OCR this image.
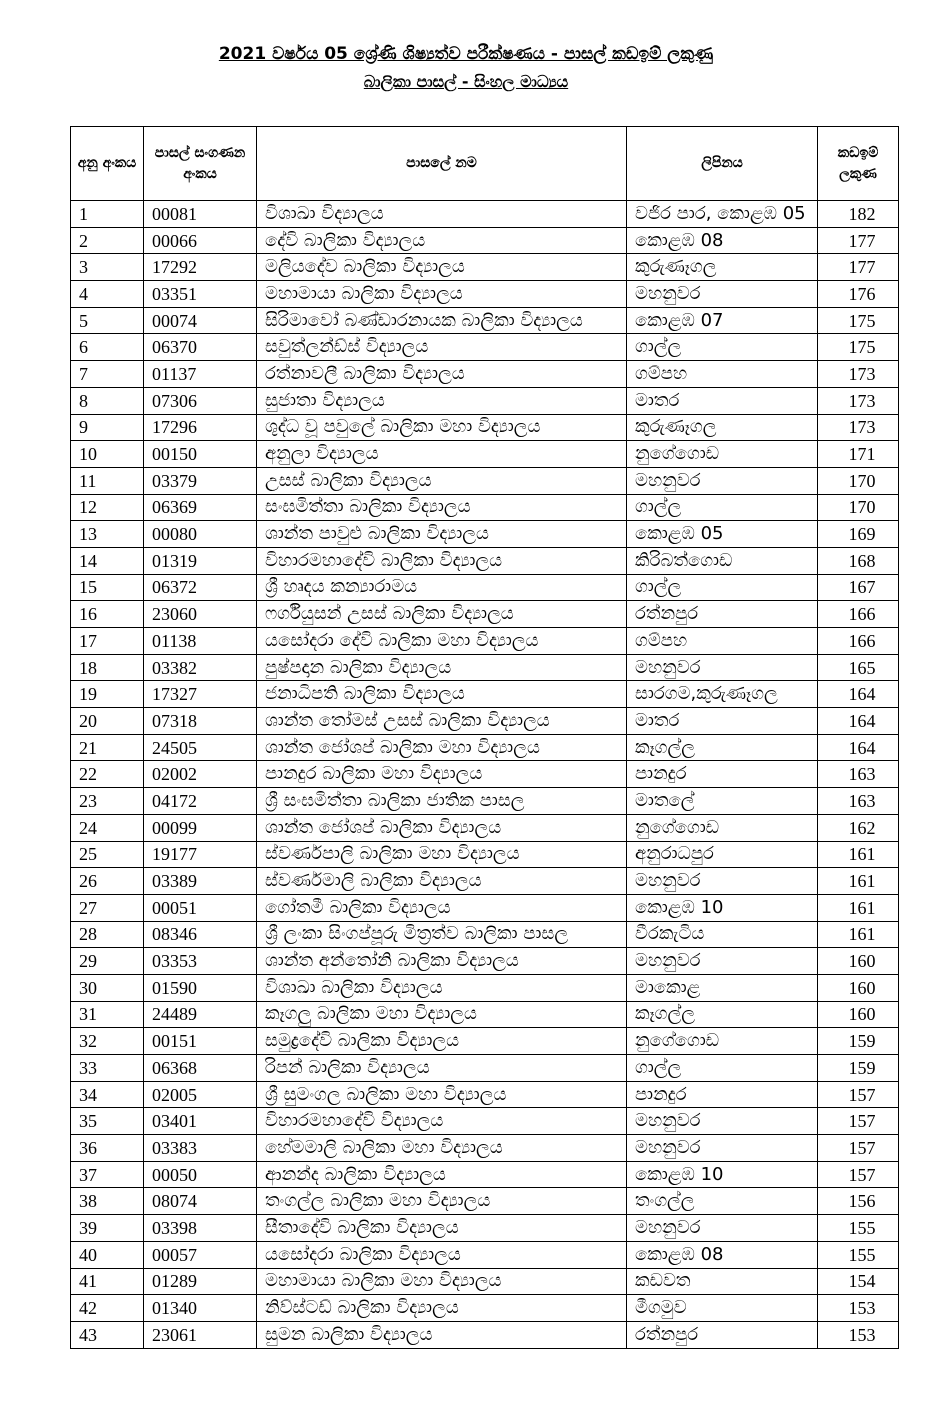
2021 වර්ෂය 05 ශ්‍රේණි ශිෂ්‍යත්ව පරීක්ෂණය - පාසල් කඩඉම් ලකුණු
බාලිකා පාසල් - සිංහල මාධ්‍යය
අනු අංකය	පාසල් සංගණන අංකය	පාසලේ නම	ලිපිනය	කඩඉම් ලකුණ
1	00081	විශාඛා විද්‍යාලය	වජිර පාර, කොළඹ 05	182
2	00066	දේවි බාලිකා විද්‍යාලය	කොළඹ 08	177
3	17292	මලියදේව බාලිකා විද්‍යාලය	කුරුණෑගල	177
4	03351	මහාමායා බාලිකා විද්‍යාලය	මහනුවර	176
5	00074	සිරිමාවෝ බණ්ඩාරනායක බාලිකා විද්‍යාලය	කොළඹ 07	175
6	06370	සවුත්ලන්ඩ්ස් විද්‍යාලය	ගාල්ල	175
7	01137	රත්නාවලී බාලිකා විද්‍යාලය	ගම්පහ	173
8	07306	සුජාතා විද්‍යාලය	මාතර	173
9	17296	ශුද්ධ වූ පවුලේ බාලිකා මහා විද්‍යාලය	කුරුණෑගල	173
10	00150	අනුලා විද්‍යාලය	නුගේගොඩ	171
11	03379	උසස් බාලිකා විද්‍යාලය	මහනුවර	170
12	06369	සංඝමිත්තා බාලිකා විද්‍යාලය	ගාල්ල	170
13	00080	ශාන්ත පාවුළු බාලිකා විද්‍යාලය	කොළඹ 05	169
14	01319	විහාරමහාදේවි බාලිකා විද්‍යාලය	කිරිබත්ගොඩ	168
15	06372	ශ්‍රී හෘදය කන්‍යාරාමය	ගාල්ල	167
16	23060	ෆර්ගියුසන් උසස් බාලිකා විද්‍යාලය	රත්නපුර	166
17	01138	යසෝදරා දේවි බාලිකා මහා විද්‍යාලය	ගම්පහ	166
18	03382	පුෂ්පදාන බාලිකා විද්‍යාලය	මහනුවර	165
19	17327	ජනාධිපති බාලිකා විද්‍යාලය	සාරගම,කුරුණෑගල	164
20	07318	ශාන්ත තෝමස් උසස් බාලිකා විද්‍යාලය	මාතර	164
21	24505	ශාන්ත ජෝශප් බාලිකා මහා විද්‍යාලය	කෑගල්ල	164
22	02002	පානදුර බාලිකා මහා විද්‍යාලය	පානදුර	163
23	04172	ශ්‍රී සංඝමිත්තා බාලිකා ජාතික පාසල	මාතලේ	163
24	00099	ශාන්ත ජෝශප් බාලිකා විද්‍යාලය	නුගේගොඩ	162
25	19177	ස්වර්ණපාලි බාලිකා මහා විද්‍යාලය	අනුරාධපුර	161
26	03389	ස්වර්ණමාලි බාලිකා විද්‍යාලය	මහනුවර	161
27	00051	ගෝතමී බාලිකා විද්‍යාලය	කොළඹ 10	161
28	08346	ශ්‍රී ලංකා සිංගප්පූරු මිත්‍රත්ව බාලිකා පාසල	වීරකැටිය	161
29	03353	ශාන්ත අන්තෝනි බාලිකා විද්‍යාලය	මහනුවර	160
30	01590	විශාඛා බාලිකා විද්‍යාලය	මාකොළ	160
31	24489	කෑගලු බාලිකා මහා විද්‍යාලය	කෑගල්ල	160
32	00151	සමුද්‍රදේවි බාලිකා විද්‍යාලය	නුගේගොඩ	159
33	06368	රිපන් බාලිකා විද්‍යාලය	ගාල්ල	159
34	02005	ශ්‍රී සුමංගල බාලිකා මහා විද්‍යාලය	පානදුර	157
35	03401	විහාරමහාදේවි විද්‍යාලය	මහනුවර	157
36	03383	හේමමාලි බාලිකා මහා විද්‍යාලය	මහනුවර	157
37	00050	ආනන්ද බාලිකා විද්‍යාලය	කොළඹ 10	157
38	08074	තංගල්ල බාලිකා මහා විද්‍යාලය	තංගල්ල	156
39	03398	සීතාදේවි බාලිකා විද්‍යාලය	මහනුවර	155
40	00057	යසෝදරා බාලිකා විද්‍යාලය	කොළඹ 08	155
41	01289	මහාමායා බාලිකා මහා විද්‍යාලය	කඩවත	154
42	01340	නිව්ස්ටඩ් බාලිකා විද්‍යාලය	මීගමුව	153
43	23061	සුමන බාලිකා විද්‍යාලය	රත්නපුර	153
